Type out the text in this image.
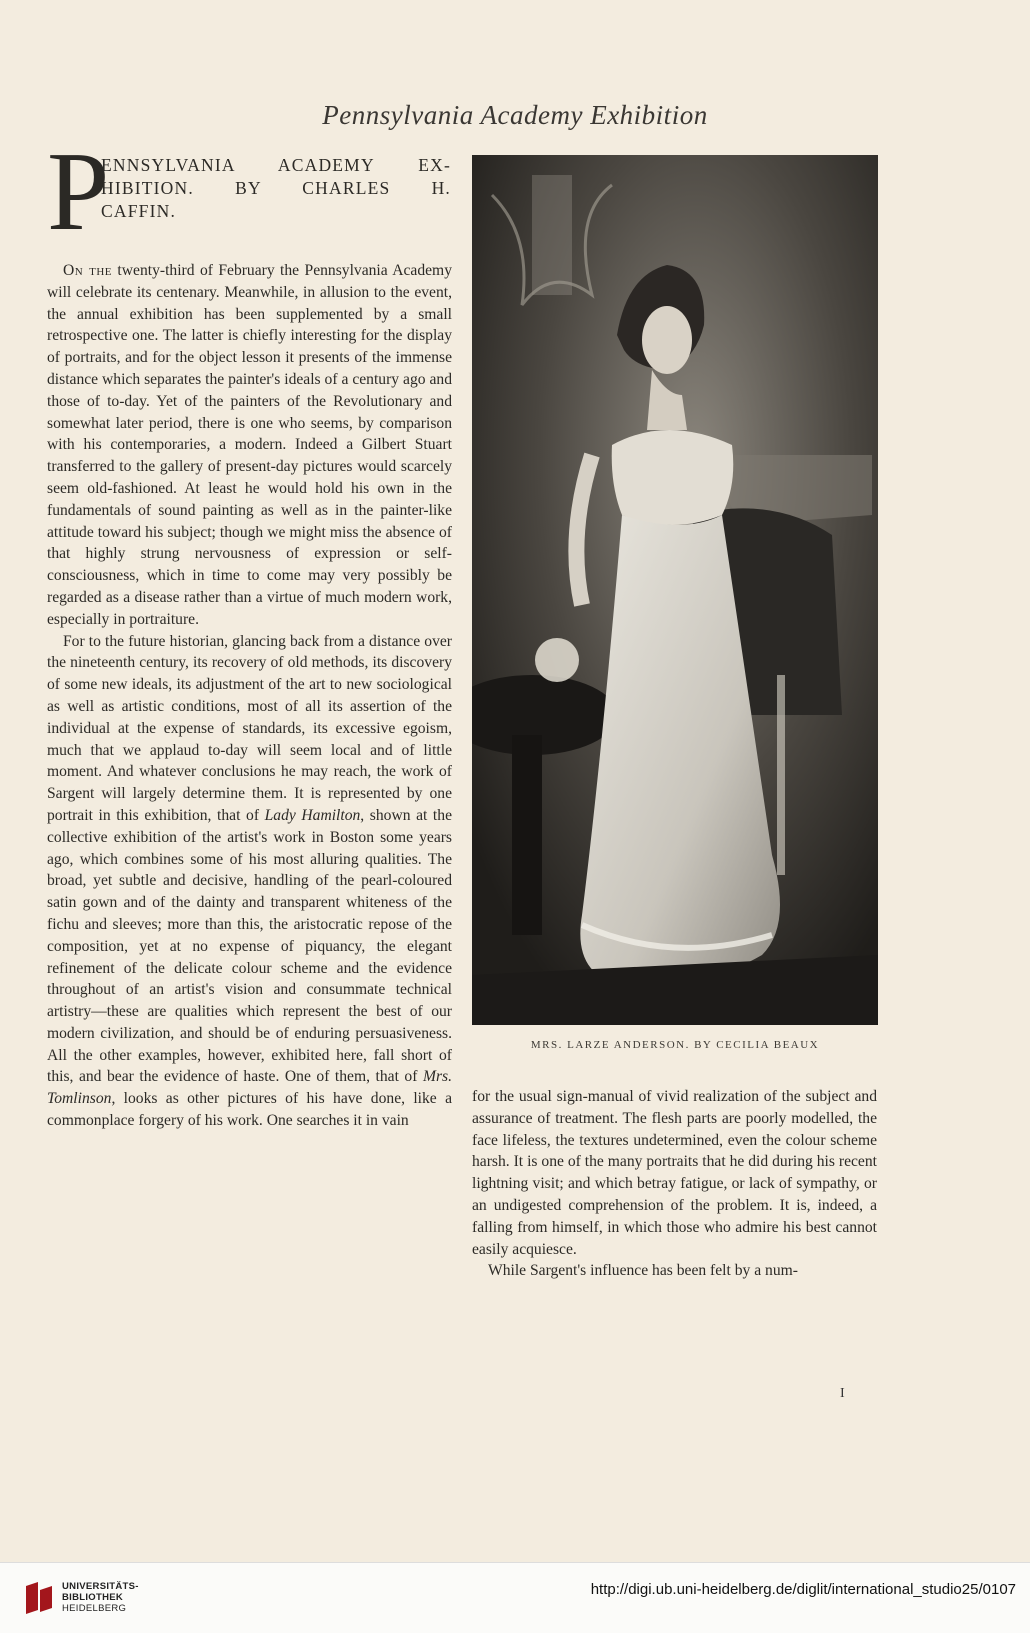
Pennsylvania Academy Exhibition
P
ENNSYLVANIA ACADEMY EX-
HIBITION. BY CHARLES H.
CAFFIN.

On the twenty-third of February the Pennsylvania Academy will celebrate its centenary. Meanwhile, in allusion to the event, the annual exhibition has been supplemented by a small retrospective one. The latter is chiefly interesting for the display of portraits, and for the object lesson it presents of the immense distance which separates the painter's ideals of a century ago and those of to-day. Yet of the painters of the Revolutionary and somewhat later period, there is one who seems, by comparison with his contemporaries, a modern. Indeed a Gilbert Stuart transferred to the gallery of present-day pictures would scarcely seem old-fashioned. At least he would hold his own in the fundamentals of sound painting as well as in the painter-like attitude toward his subject; though we might miss the absence of that highly strung nervousness of expression or self-consciousness, which in time to come may very possibly be regarded as a disease rather than a virtue of much modern work, especially in portraiture.

For to the future historian, glancing back from a distance over the nineteenth century, its recovery of old methods, its discovery of some new ideals, its adjustment of the art to new sociological as well as artistic conditions, most of all its assertion of the individual at the expense of standards, its excessive egoism, much that we applaud to-day will seem local and of little moment. And whatever conclusions he may reach, the work of Sargent will largely determine them. It is represented by one portrait in this exhibition, that of Lady Hamilton, shown at the collective exhibition of the artist's work in Boston some years ago, which combines some of his most alluring qualities. The broad, yet subtle and decisive, handling of the pearl-coloured satin gown and of the dainty and transparent whiteness of the fichu and sleeves; more than this, the aristocratic repose of the composition, yet at no expense of piquancy, the elegant refinement of the delicate colour scheme and the evidence throughout of an artist's vision and consummate technical artistry—these are qualities which represent the best of our modern civilization, and should be of enduring persuasiveness. All the other examples, however, exhibited here, fall short of this, and bear the evidence of haste. One of them, that of Mrs. Tomlinson, looks as other pictures of his have done, like a commonplace forgery of his work. One searches it in vain

MRS. LARZE ANDERSON. BY CECILIA BEAUX

for the usual sign-manual of vivid realization of the subject and assurance of treatment. The flesh parts are poorly modelled, the face lifeless, the textures undetermined, even the colour scheme harsh. It is one of the many portraits that he did during his recent lightning visit; and which betray fatigue, or lack of sympathy, or an undigested comprehension of the problem. It is, indeed, a falling from himself, in which those who admire his best cannot easily acquiesce.

While Sargent's influence has been felt by a num-

I
UNIVERSITÄTS-
BIBLIOTHEK
HEIDELBERG
http://digi.ub.uni-heidelberg.de/diglit/international_studio25/0107
